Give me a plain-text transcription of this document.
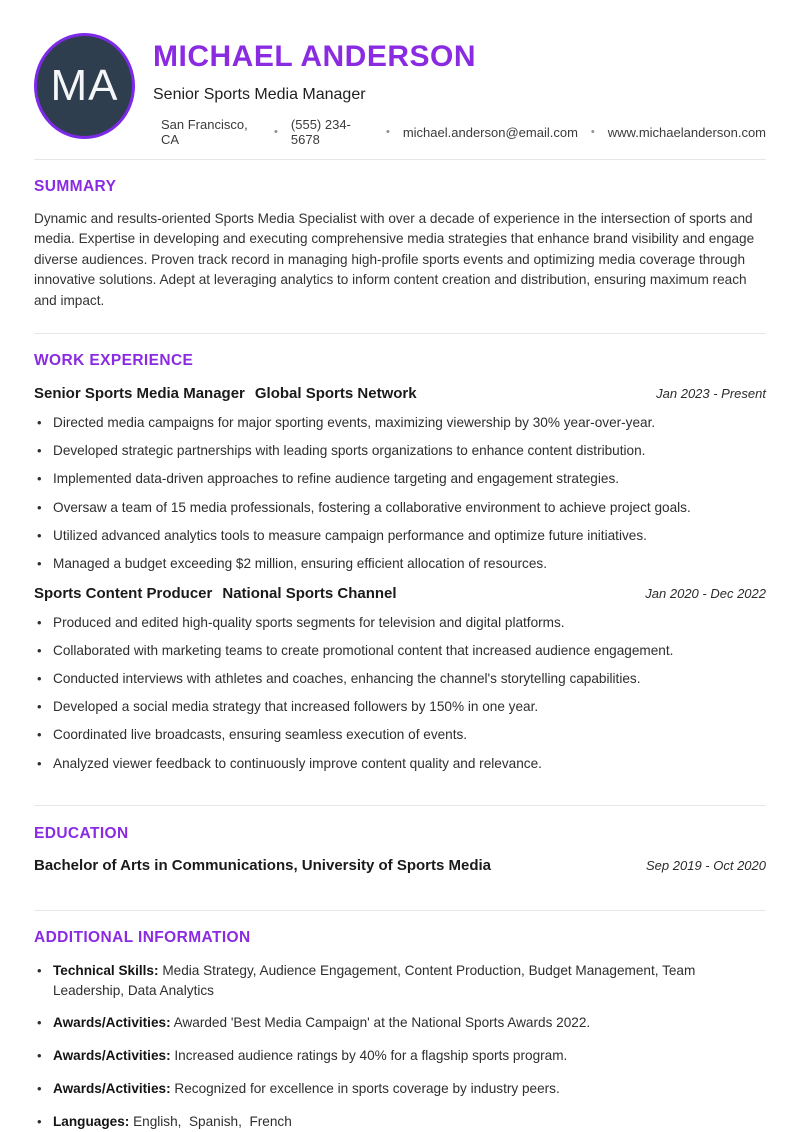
MA
MICHAEL ANDERSON
Senior Sports Media Manager
San Francisco, CA
• (555) 234-5678
• michael.anderson@email.com • www.michaelanderson.com
SUMMARY

Dynamic and results-oriented Sports Media Specialist with over a decade of experience in the intersection of sports and media. Expertise in developing and executing comprehensive media strategies that enhance brand visibility and engage diverse audiences. Proven track record in managing high-profile sports events and optimizing media coverage through innovative solutions. Adept at leveraging analytics to inform content creation and distribution, ensuring maximum reach and impact.

WORK EXPERIENCE
Senior Sports Media Manager Global Sports Network	Jan 2023 - Present
• Directed media campaigns for major sporting events, maximizing viewership by 30% year-over-year.
• Developed strategic partnerships with leading sports organizations to enhance content distribution.
• Implemented data-driven approaches to refine audience targeting and engagement strategies.
• Oversaw a team of 15 media professionals, fostering a collaborative environment to achieve project goals.
• Utilized advanced analytics tools to measure campaign performance and optimize future initiatives.
• Managed a budget exceeding $2 million, ensuring efficient allocation of resources.
Sports Content Producer National Sports Channel	Jan 2020 - Dec 2022
• Produced and edited high-quality sports segments for television and digital platforms.
• Collaborated with marketing teams to create promotional content that increased audience engagement.
• Conducted interviews with athletes and coaches, enhancing the channel's storytelling capabilities.
• Developed a social media strategy that increased followers by 150% in one year.
• Coordinated live broadcasts, ensuring seamless execution of events.
• Analyzed viewer feedback to continuously improve content quality and relevance.
EDUCATION
Bachelor of Arts in Communications, University of Sports Media	Sep 2019 - Oct 2020
ADDITIONAL INFORMATION
• Technical Skills: Media Strategy, Audience Engagement, Content Production, Budget Management, Team Leadership, Data Analytics
• Awards/Activities: Awarded 'Best Media Campaign' at the National Sports Awards 2022.
• Awards/Activities: Increased audience ratings by 40% for a flagship sports program.
• Awards/Activities: Recognized for excellence in sports coverage by industry peers.
• Languages: English,  Spanish,  French
